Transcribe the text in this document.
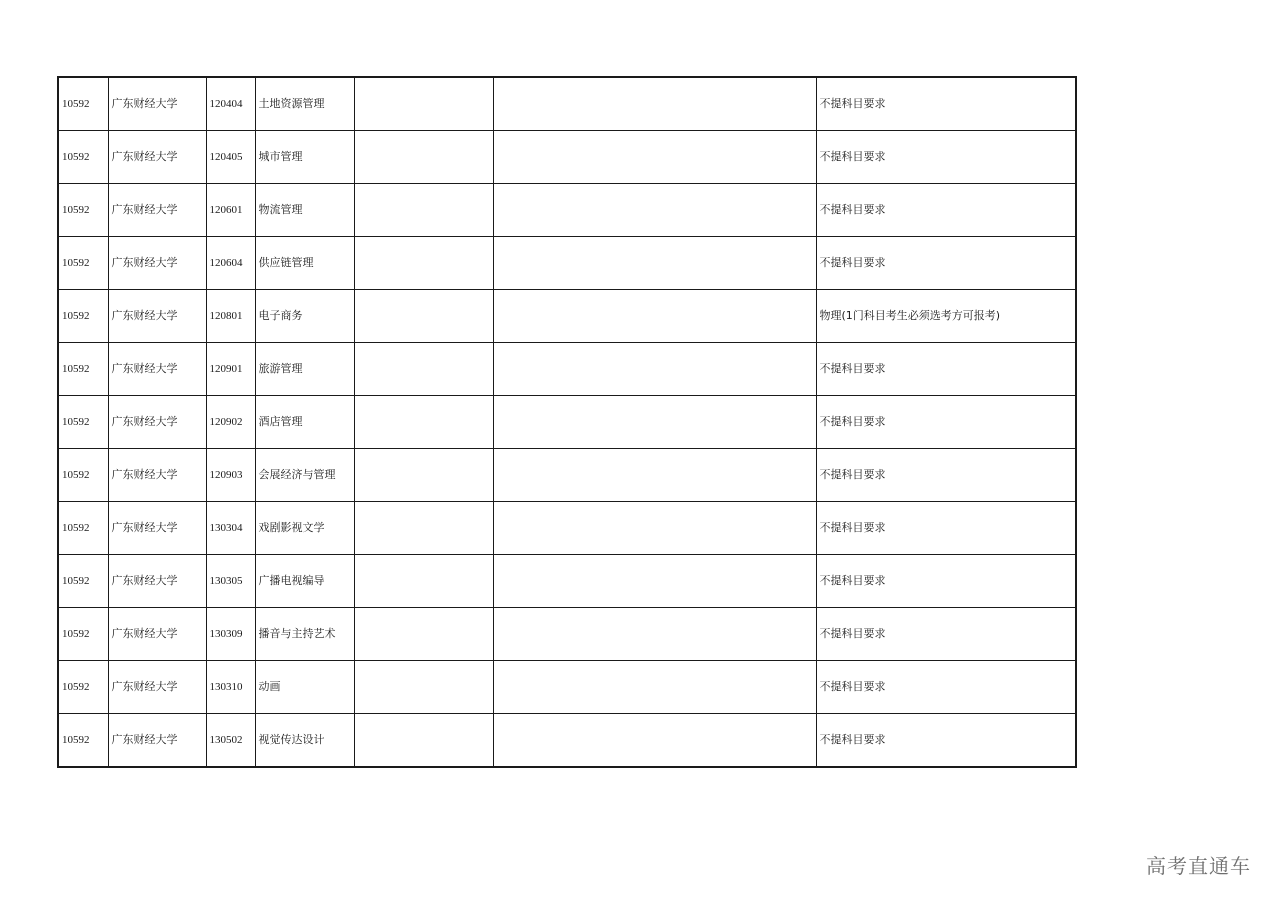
10592	广东财经大学	120404	土地资源管理			不提科目要求
10592	广东财经大学	120405	城市管理			不提科目要求
10592	广东财经大学	120601	物流管理			不提科目要求
10592	广东财经大学	120604	供应链管理			不提科目要求
10592	广东财经大学	120801	电子商务			物理(1门科目考生必须选考方可报考)
10592	广东财经大学	120901	旅游管理			不提科目要求
10592	广东财经大学	120902	酒店管理			不提科目要求
10592	广东财经大学	120903	会展经济与管理			不提科目要求
10592	广东财经大学	130304	戏剧影视文学			不提科目要求
10592	广东财经大学	130305	广播电视编导			不提科目要求
10592	广东财经大学	130309	播音与主持艺术			不提科目要求
10592	广东财经大学	130310	动画			不提科目要求
10592	广东财经大学	130502	视觉传达设计			不提科目要求
高考直通车
